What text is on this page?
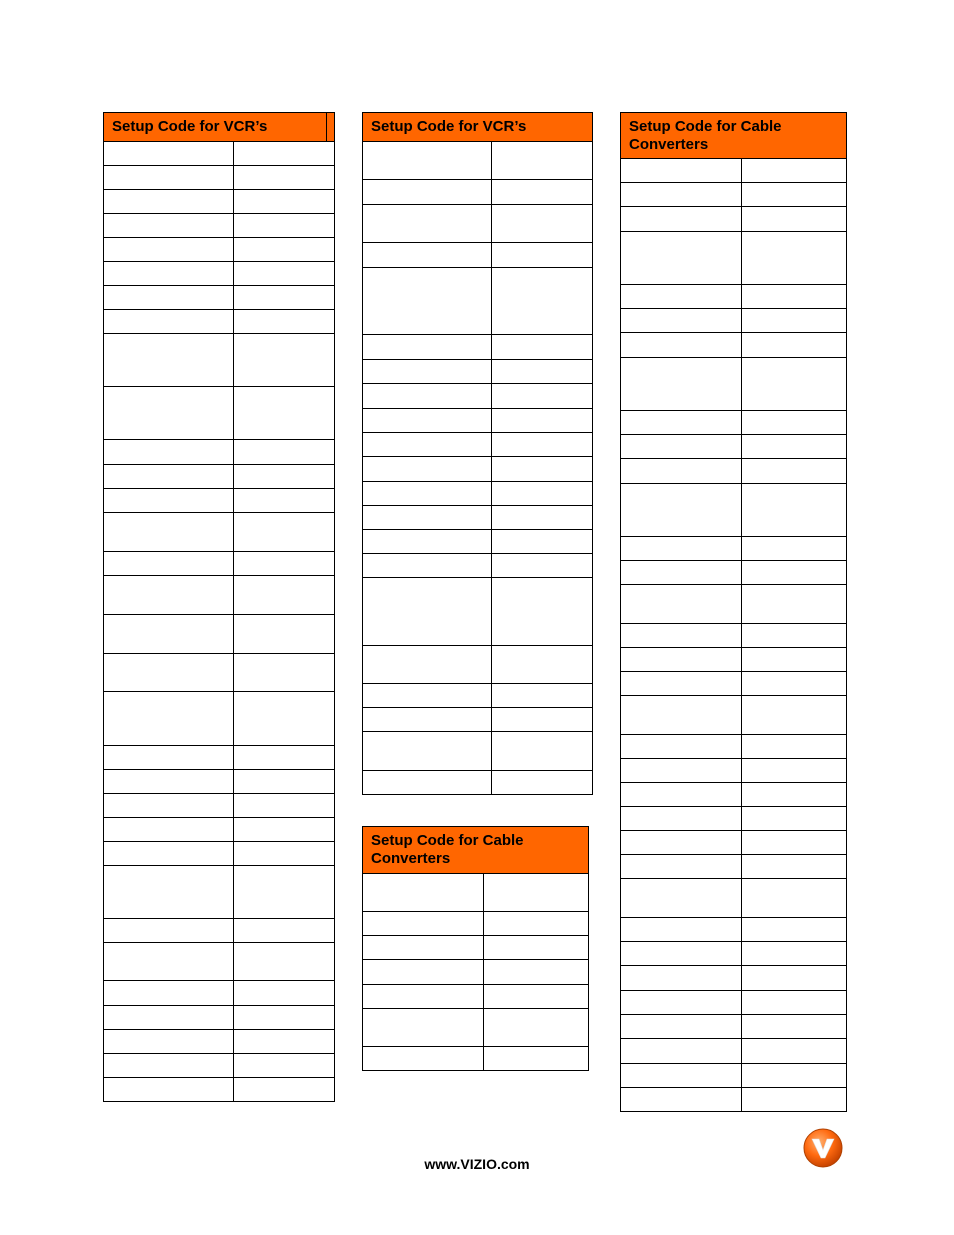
Setup Code for VCR’s	Setup Code for VCR’s
Setup Code for Cable Converters
Setup Code for Cable Converters
www.VIZIO.com
